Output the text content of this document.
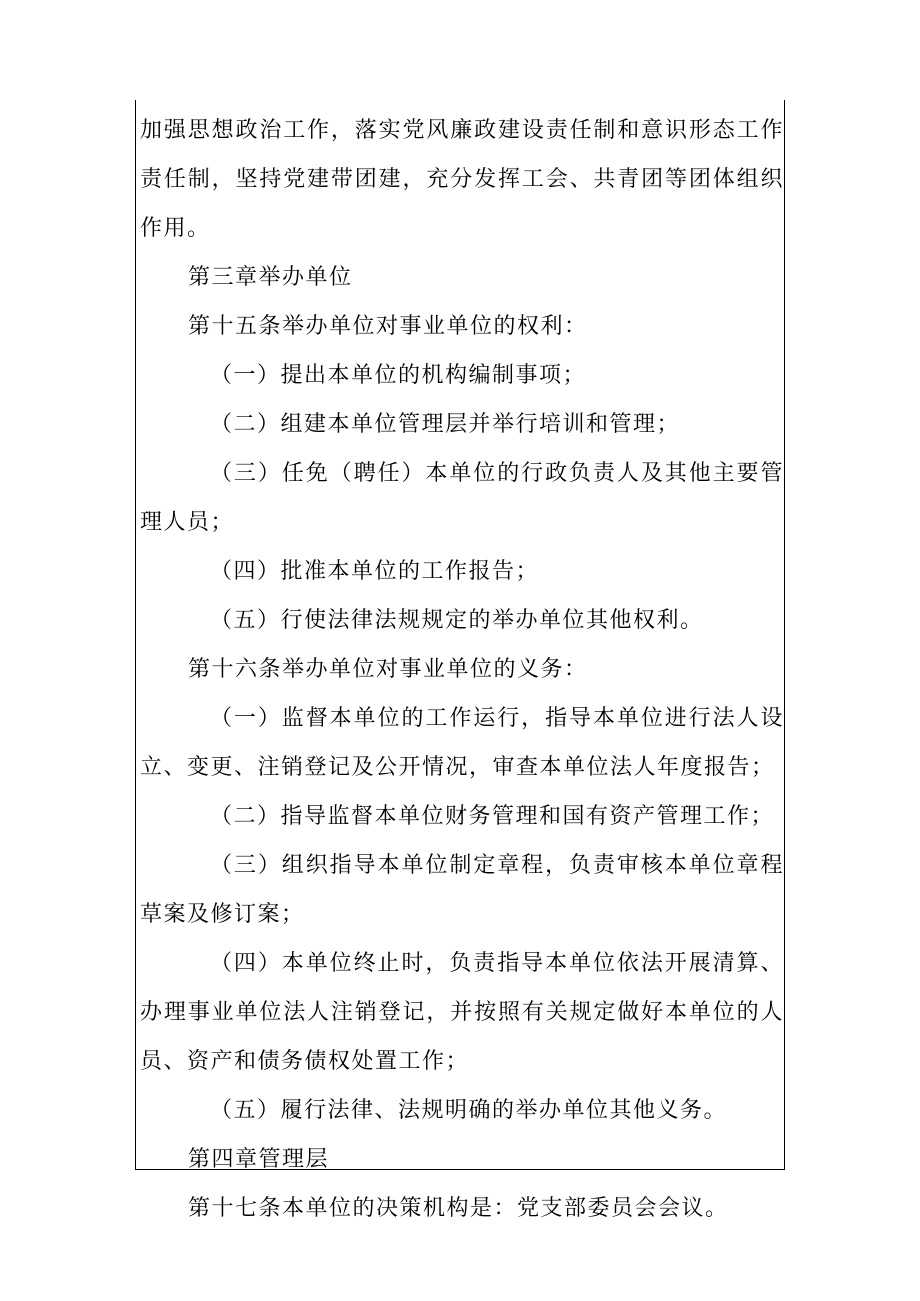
加强思想政治工作，落实党风廉政建设责任制和意识形态工作责任制，坚持党建带团建，充分发挥工会、共青团等团体组织作用。

第三章举办单位

第十五条举办单位对事业单位的权利：

（一）提出本单位的机构编制事项；

（二）组建本单位管理层并举行培训和管理；

（三）任免（聘任）本单位的行政负责人及其他主要管理人员；

（四）批准本单位的工作报告；

（五）行使法律法规规定的举办单位其他权利。

第十六条举办单位对事业单位的义务：

（一）监督本单位的工作运行，指导本单位进行法人设立、变更、注销登记及公开情况，审查本单位法人年度报告；

（二）指导监督本单位财务管理和国有资产管理工作；

（三）组织指导本单位制定章程，负责审核本单位章程草案及修订案；

（四）本单位终止时，负责指导本单位依法开展清算、办理事业单位法人注销登记，并按照有关规定做好本单位的人员、资产和债务债权处置工作；

（五）履行法律、法规明确的举办单位其他义务。

第四章管理层

第十七条本单位的决策机构是：党支部委员会会议。
